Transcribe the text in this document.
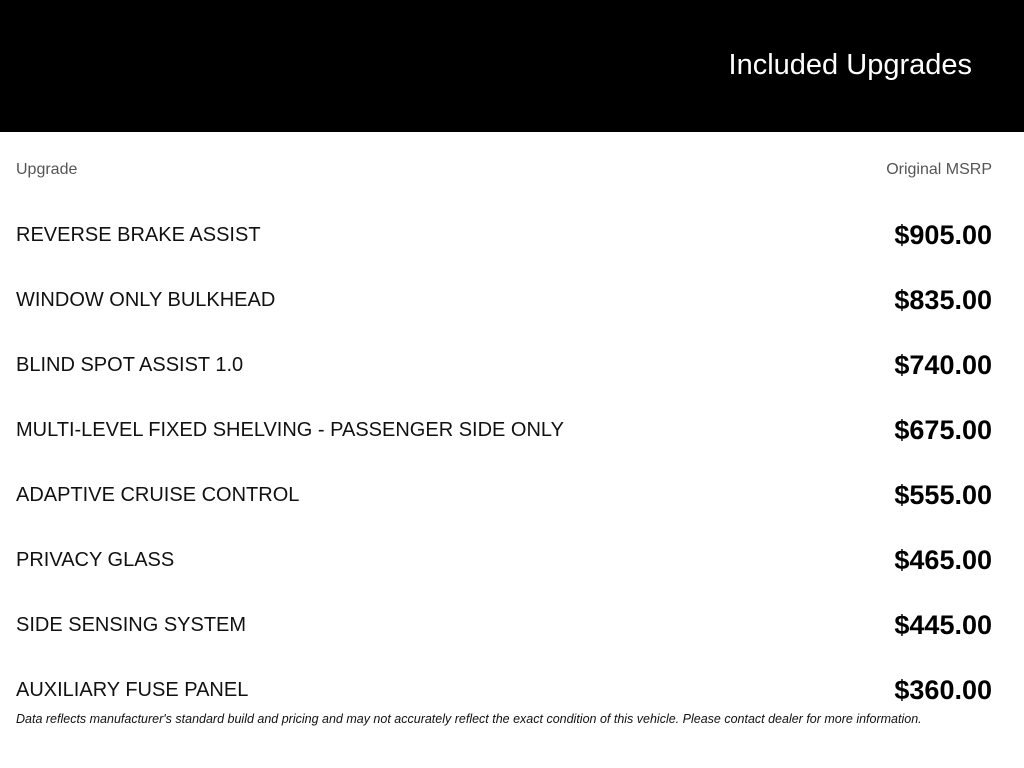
Included Upgrades
Upgrade	Original MSRP
REVERSE BRAKE ASSIST	$905.00
WINDOW ONLY BULKHEAD	$835.00
BLIND SPOT ASSIST 1.0	$740.00
MULTI-LEVEL FIXED SHELVING - PASSENGER SIDE ONLY	$675.00
ADAPTIVE CRUISE CONTROL	$555.00
PRIVACY GLASS	$465.00
SIDE SENSING SYSTEM	$445.00
AUXILIARY FUSE PANEL	$360.00

Data reflects manufacturer's standard build and pricing and may not accurately reflect the exact condition of this vehicle. Please contact dealer for more information.
